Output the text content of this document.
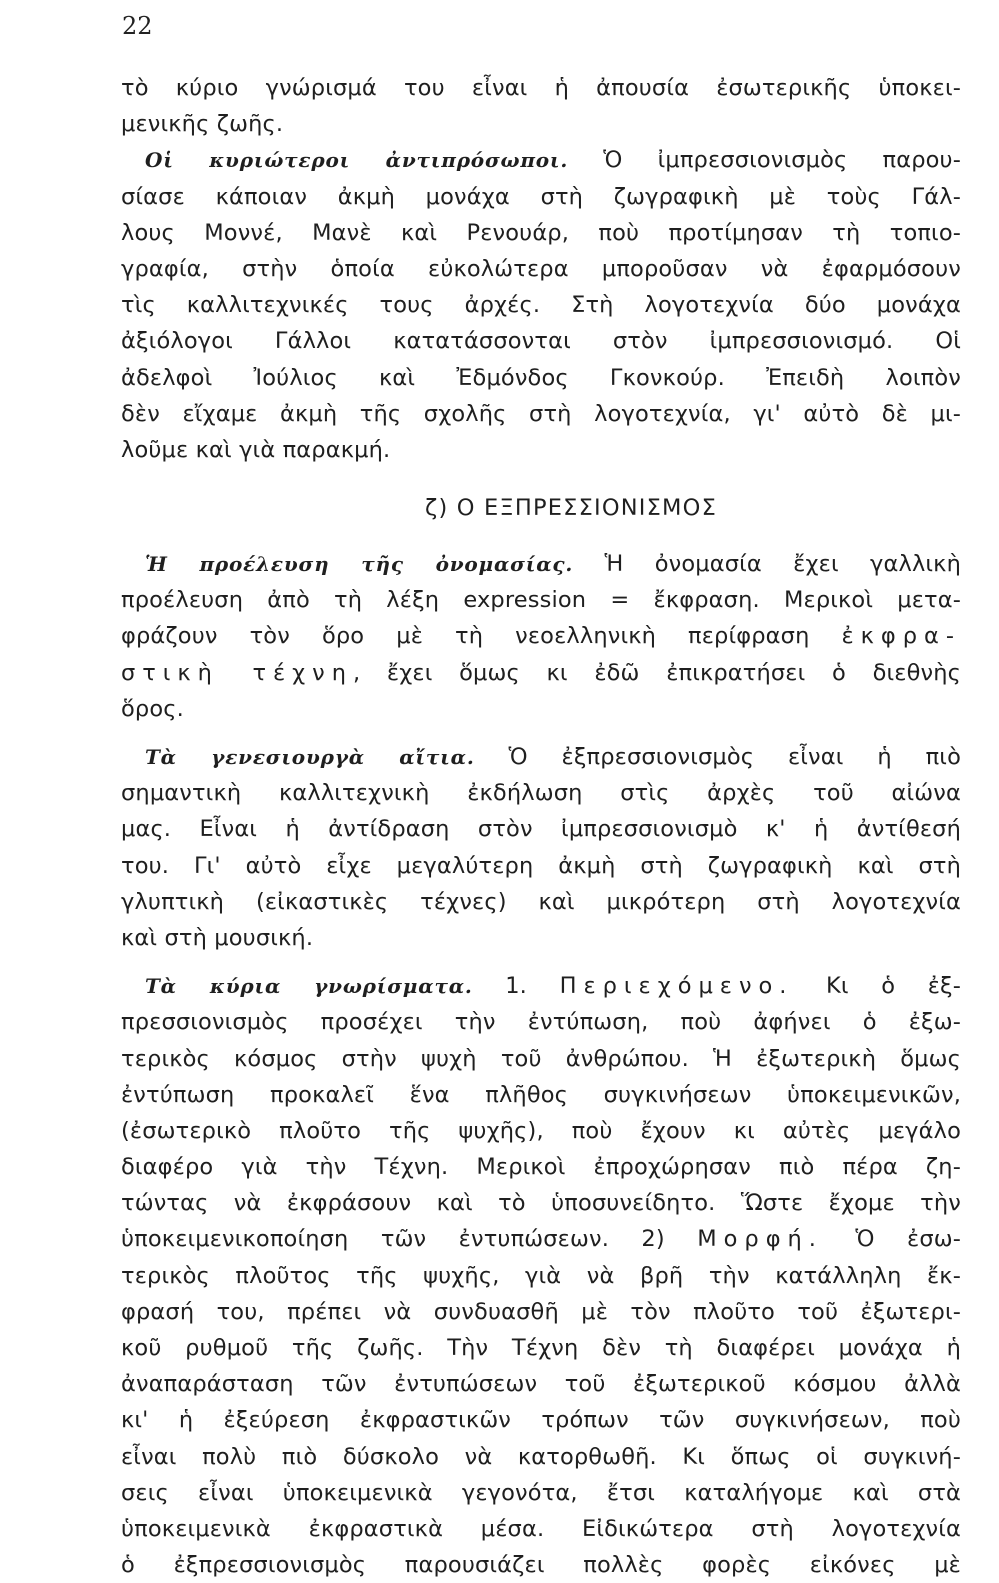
22
τὸ κύριο γνώρισμά του εἶναι ἡ ἀπουσία ἐσωτερικῆς ὑποκει-
μενικῆς ζωῆς.
Οἱ κυριώτεροι ἀντιπρόσωποι. Ὁ ἰμπρεσσιονισμὸς παρου-
σίασε κάποιαν ἀκμὴ μονάχα στὴ ζωγραφικὴ μὲ τοὺς Γάλ-
λους Μοννέ, Μανὲ καὶ Ρενουάρ, ποὺ προτίμησαν τὴ τοπιο-
γραφία, στὴν ὁποία εὐκολώτερα μποροῦσαν νὰ ἐφαρμόσουν
τὶς καλλιτεχνικές τους ἀρχές. Στὴ λογοτεχνία δύο μονάχα
ἀξιόλογοι Γάλλοι κατατάσσονται στὸν ἰμπρεσσιονισμό. Οἱ
ἀδελφοὶ Ἰούλιος καὶ Ἐδμόνδος Γκονκούρ. Ἐπειδὴ λοιπὸν
δὲν εἴχαμε ἀκμὴ τῆς σχολῆς στὴ λογοτεχνία, γι' αὐτὸ δὲ μι-
λοῦμε καὶ γιὰ παρακμή.
ζ) Ο ΕΞΠΡΕΣΣΙΟΝΙΣΜΟΣ
Ἡ προέλευση τῆς ὀνομασίας. Ἡ ὀνομασία ἔχει γαλλικὴ
προέλευση ἀπὸ τὴ λέξη expression = ἔκφραση. Μερικοὶ μετα-
φράζουν τὸν ὅρο μὲ τὴ νεοελληνικὴ περίφραση ἐκφρα-
στικὴ τέχνη, ἔχει ὅμως κι ἐδῶ ἐπικρατήσει ὁ διεθνὴς
ὅρος.
Τὰ γενεσιουργὰ αἴτια. Ὁ ἐξπρεσσιονισμὸς εἶναι ἡ πιὸ
σημαντικὴ καλλιτεχνικὴ ἐκδήλωση στὶς ἀρχὲς τοῦ αἰώνα
μας. Εἶναι ἡ ἀντίδραση στὸν ἰμπρεσσιονισμὸ κ' ἡ ἀντίθεσή
του. Γι' αὐτὸ εἶχε μεγαλύτερη ἀκμὴ στὴ ζωγραφικὴ καὶ στὴ
γλυπτικὴ (εἰκαστικὲς τέχνες) καὶ μικρότερη στὴ λογοτεχνία
καὶ στὴ μουσική.
Τὰ κύρια γνωρίσματα. 1. Περιεχόμενο. Κι ὁ ἐξ-
πρεσσιονισμὸς προσέχει τὴν ἐντύπωση, ποὺ ἀφήνει ὁ ἐξω-
τερικὸς κόσμος στὴν ψυχὴ τοῦ ἀνθρώπου. Ἡ ἐξωτερικὴ ὅμως
ἐντύπωση προκαλεῖ ἕνα πλῆθος συγκινήσεων ὑποκειμενικῶν,
(ἐσωτερικὸ πλοῦτο τῆς ψυχῆς), ποὺ ἔχουν κι αὐτὲς μεγάλο
διαφέρο γιὰ τὴν Τέχνη. Μερικοὶ ἐπροχώρησαν πιὸ πέρα ζη-
τώντας νὰ ἐκφράσουν καὶ τὸ ὑποσυνείδητο. Ὥστε ἔχομε τὴν
ὑποκειμενικοποίηση τῶν ἐντυπώσεων. 2) Μορφή. Ὁ ἐσω-
τερικὸς πλοῦτος τῆς ψυχῆς, γιὰ νὰ βρῆ τὴν κατάλληλη ἔκ-
φρασή του, πρέπει νὰ συνδυασθῆ μὲ τὸν πλοῦτο τοῦ ἐξωτερι-
κοῦ ρυθμοῦ τῆς ζωῆς. Τὴν Τέχνη δὲν τὴ διαφέρει μονάχα ἡ
ἀναπαράσταση τῶν ἐντυπώσεων τοῦ ἐξωτερικοῦ κόσμου ἀλλὰ
κι' ἡ ἐξεύρεση ἐκφραστικῶν τρόπων τῶν συγκινήσεων, ποὺ
εἶναι πολὺ πιὸ δύσκολο νὰ κατορθωθῆ. Κι ὅπως οἱ συγκινή-
σεις εἶναι ὑποκειμενικὰ γεγονότα, ἔτσι καταλήγομε καὶ στὰ
ὑποκειμενικὰ ἐκφραστικὰ μέσα. Εἰδικώτερα στὴ λογοτεχνία
ὁ ἐξπρεσσιονισμὸς παρουσιάζει πολλὲς φορὲς εἰκόνες μὲ
